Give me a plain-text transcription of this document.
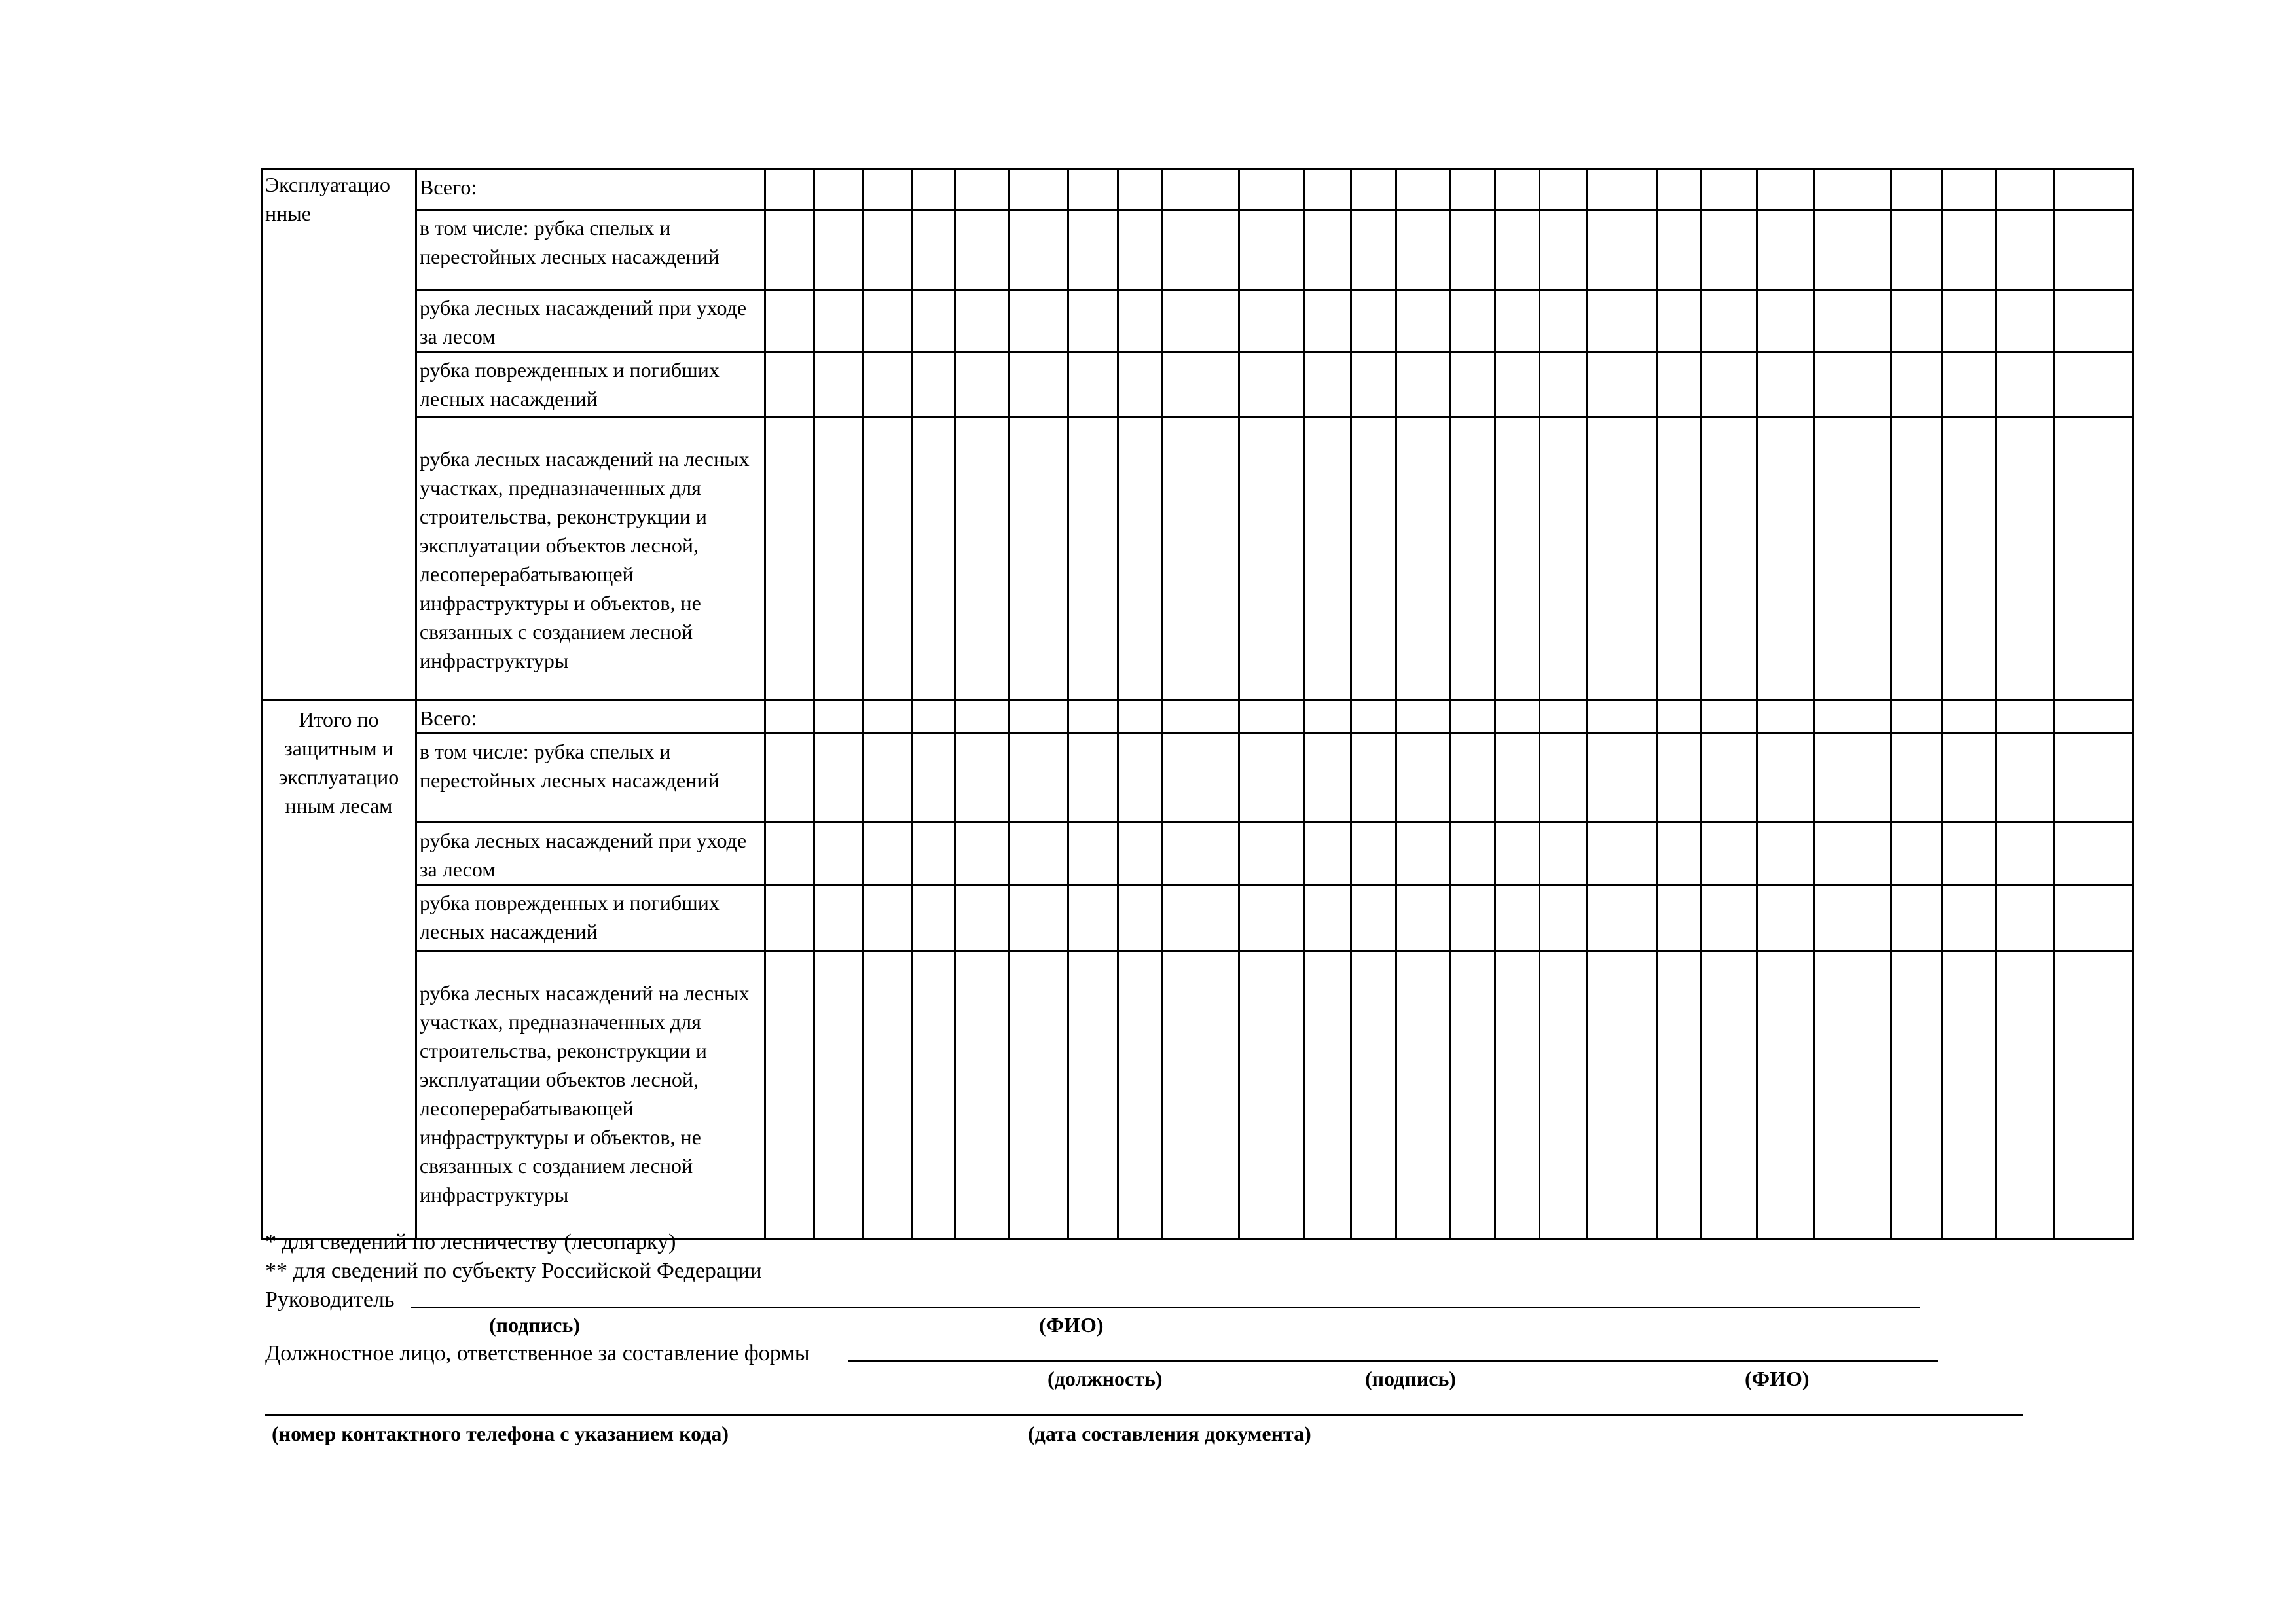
Эксплуатацио нные	Всего:																									
	в том числе: рубка спелых и перестойных лесных насаждений																									
	рубка лесных насаждений при уходе за лесом																									
	рубка поврежденных и погибших лесных насаждений																									
	рубка лесных насаждений на лесных участках, предназначенных для строительства, реконструкции и эксплуатации объектов лесной, лесоперерабатывающей инфраструктуры и объектов, не связанных с созданием лесной инфраструктуры																									
Итого по защитным и эксплуатацио нным лесам	Всего:																									
	в том числе: рубка спелых и перестойных лесных насаждений																									
	рубка лесных насаждений при уходе за лесом																									
	рубка поврежденных и погибших лесных насаждений																									
	рубка лесных насаждений на лесных участках, предназначенных для строительства, реконструкции и эксплуатации объектов лесной, лесоперерабатывающей инфраструктуры и объектов, не связанных с созданием лесной инфраструктуры																									
* для сведений по лесничеству (лесопарку)
** для сведений по субъекту Российской Федерации
Руководитель
(подпись)	(ФИО)
Должностное лицо, ответственное за составление формы
(должность)	(подпись)	(ФИО)
(номер контактного телефона с указанием кода)	(дата составления документа)
